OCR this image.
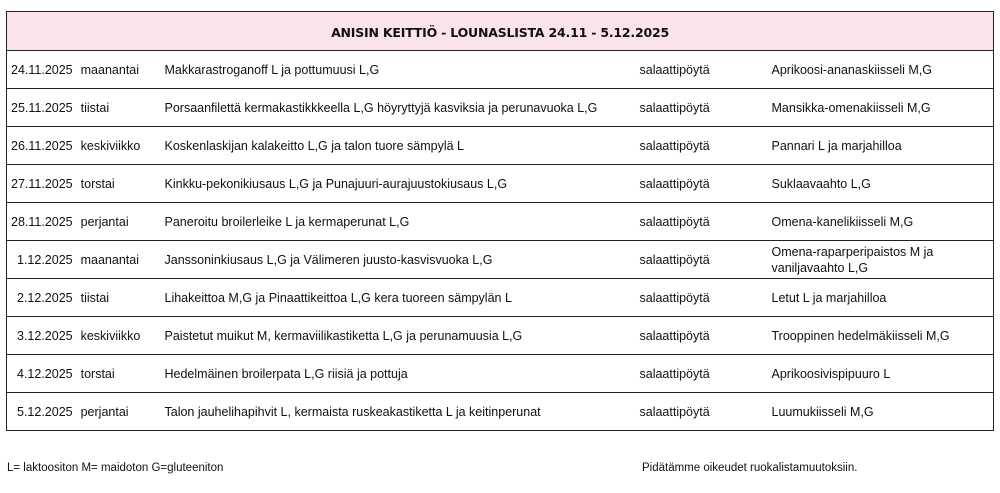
ANISIN KEITTIÖ - LOUNASLISTA 24.11 - 5.12.2025			
24.11.2025 maanantai	Makkarastroganoff L ja pottumuusi L,G	salaattipöytä	Aprikoosi-ananaskiisseli M,G
25.11.2025 tiistai	Porsaanfilettä kermakastikkkeella L,G höyryttyjä kasviksia ja perunavuoka L,G	salaattipöytä	Mansikka-omenakiisseli M,G
26.11.2025 keskiviikko	Koskenlaskijan kalakeitto L,G ja talon tuore sämpylä L	salaattipöytä	Pannari L ja marjahilloa
27.11.2025 torstai	Kinkku-pekonikiusaus L,G ja Punajuuri-aurajuustokiusaus L,G	salaattipöytä	Suklaavaahto L,G
28.11.2025 perjantai	Paneroitu broilerleike L ja kermaperunat L,G	salaattipöytä	Omena-kanelikiisseli M,G
1.12.2025 maanantai	Janssoninkiusaus L,G ja Välimeren juusto-kasvisvuoka L,G	salaattipöytä	Omena-raparperipaistos M ja vaniljavaahto L,G
2.12.2025 tiistai	Lihakeittoa M,G ja Pinaattikeittoa L,G kera tuoreen sämpylän L	salaattipöytä	Letut L ja marjahilloa
3.12.2025 keskiviikko	Paistetut muikut M, kermaviilikastiketta L,G ja perunamuusia L,G	salaattipöytä	Trooppinen hedelmäkiisseli M,G
4.12.2025 torstai	Hedelmäinen broilerpata L,G riisiä ja pottuja	salaattipöytä	Aprikoosivispipuuro L
5.12.2025 perjantai	Talon jauhelihapihvit L, kermaista ruskeakastiketta L ja keitinperunat	salaattipöytä	Luumukiisseli M,G
L= laktoositon M= maidoton G=gluteeniton	Pidätämme oikeudet ruokalistamuutoksiin.
